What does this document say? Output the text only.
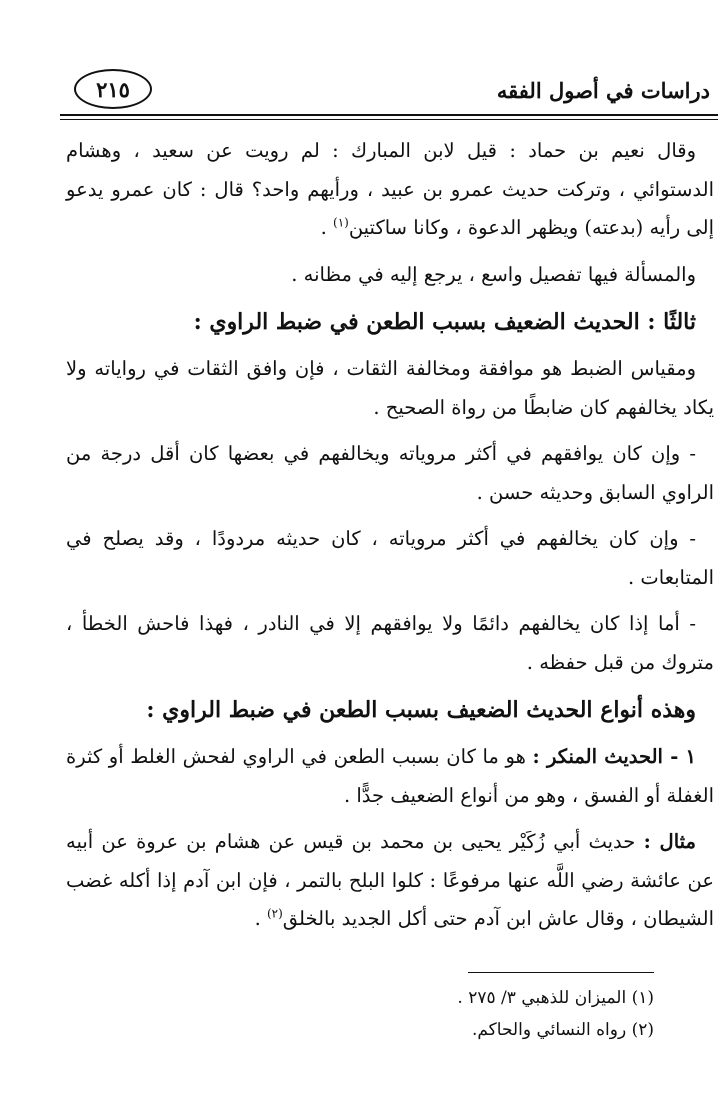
دراسات في أصول الفقه
٢١٥

وقال نعيم بن حماد : قيل لابن المبارك : لم رويت عن سعيد ، وهشام الدستوائي ، وتركت حديث عمرو بن عبيد ، ورأيهم واحد؟ قال : كان عمرو يدعو إلى رأيه (بدعته) ويظهر الدعوة ، وكانا ساكتين$^{(١)}$ .

والمسألة فيها تفصيل واسع ، يرجع إليه في مظانه .

ثالثًا : الحديث الضعيف بسبب الطعن في ضبط الراوي :

ومقياس الضبط هو موافقة ومخالفة الثقات ، فإن وافق الثقات في رواياته ولا يكاد يخالفهم كان ضابطًا من رواة الصحيح .

- وإن كان يوافقهم في أكثر مروياته ويخالفهم في بعضها كان أقل درجة من الراوي السابق وحديثه حسن .

- وإن كان يخالفهم في أكثر مروياته ، كان حديثه مردودًا ، وقد يصلح في المتابعات .

- أما إذا كان يخالفهم دائمًا ولا يوافقهم إلا في النادر ، فهذا فاحش الخطأ ، متروك من قبل حفظه .

وهذه أنواع الحديث الضعيف بسبب الطعن في ضبط الراوي :

١ - الحديث المنكر : هو ما كان بسبب الطعن في الراوي لفحش الغلط أو كثرة الغفلة أو الفسق ، وهو من أنواع الضعيف جدًّا .

مثال : حديث أبي زُكَيْر يحيى بن محمد بن قيس عن هشام بن عروة عن أبيه عن عائشة رضي اللَّه عنها مرفوعًا : كلوا البلح بالتمر ، فإن ابن آدم إذا أكله غضب الشيطان ، وقال عاش ابن آدم حتى أكل الجديد بالخلق$^{(٢)}$ .

(١) الميزان للذهبي ٣/ ٢٧٥ .

(٢) رواه النسائي والحاكم.
